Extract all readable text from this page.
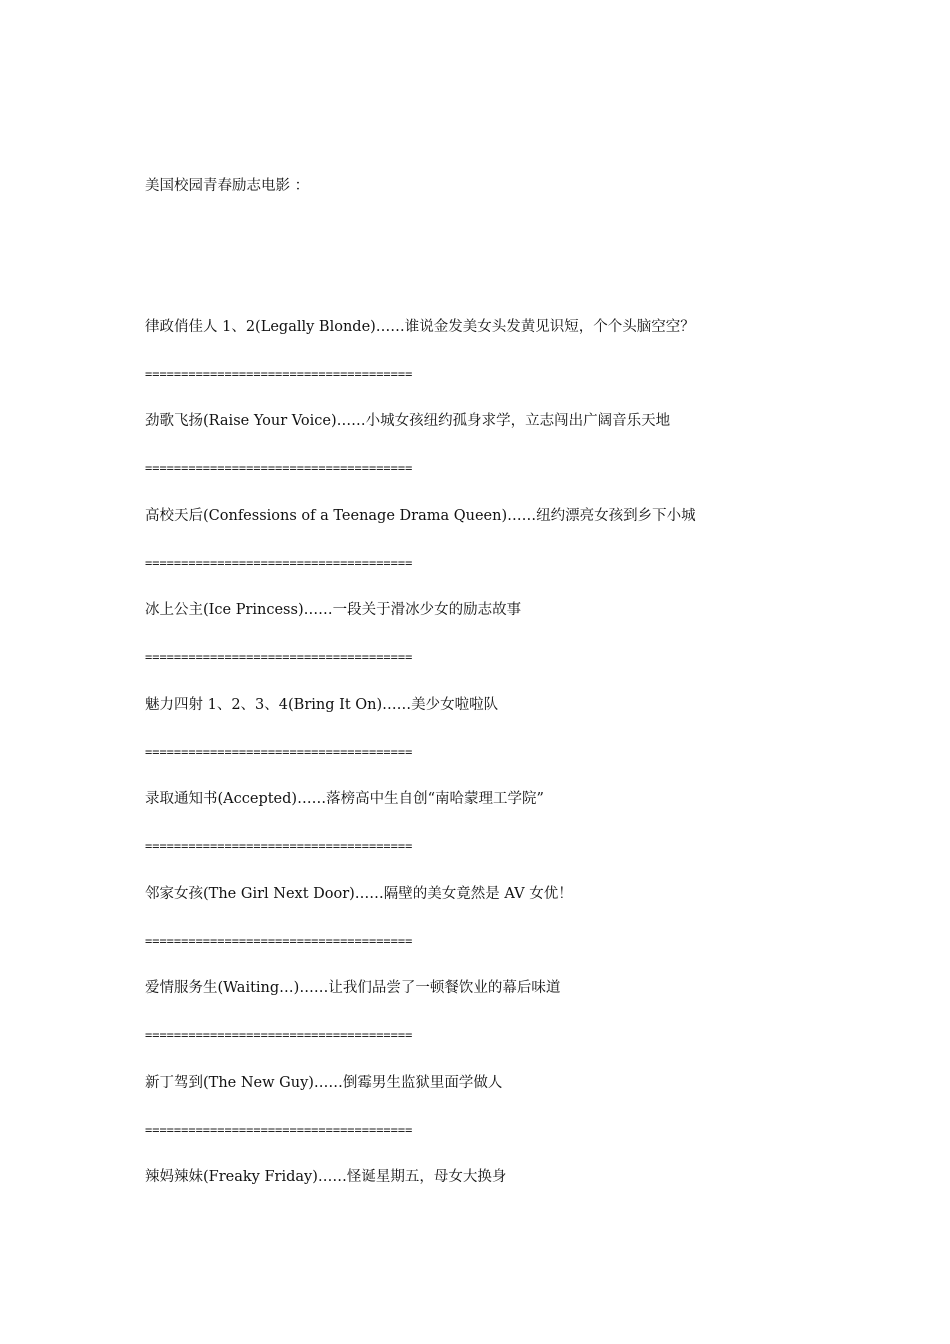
美国校园青春励志电影 ：
律政俏佳人 1、2(Legally Blonde)……谁说金发美女头发黄见识短，个个头脑空空？
=====================================
劲歌飞扬(Raise Your Voice)……小城女孩纽约孤身求学，立志闯出广阔音乐天地
=====================================
高校天后(Confessions of a Teenage Drama Queen)……纽约漂亮女孩到乡下小城
=====================================
冰上公主(Ice Princess)……一段关于滑冰少女的励志故事
=====================================
魅力四射 1、2、3、4(Bring It On)……美少女啦啦队
=====================================
录取通知书(Accepted)……落榜高中生自创“南哈蒙理工学院”
=====================================
邻家女孩(The Girl Next Door)……隔壁的美女竟然是 AV 女优！
=====================================
爱情服务生(Waiting…)……让我们品尝了一顿餐饮业的幕后味道
=====================================
新丁驾到(The New Guy)……倒霉男生监狱里面学做人
=====================================
辣妈辣妹(Freaky Friday)……怪诞星期五，母女大换身
